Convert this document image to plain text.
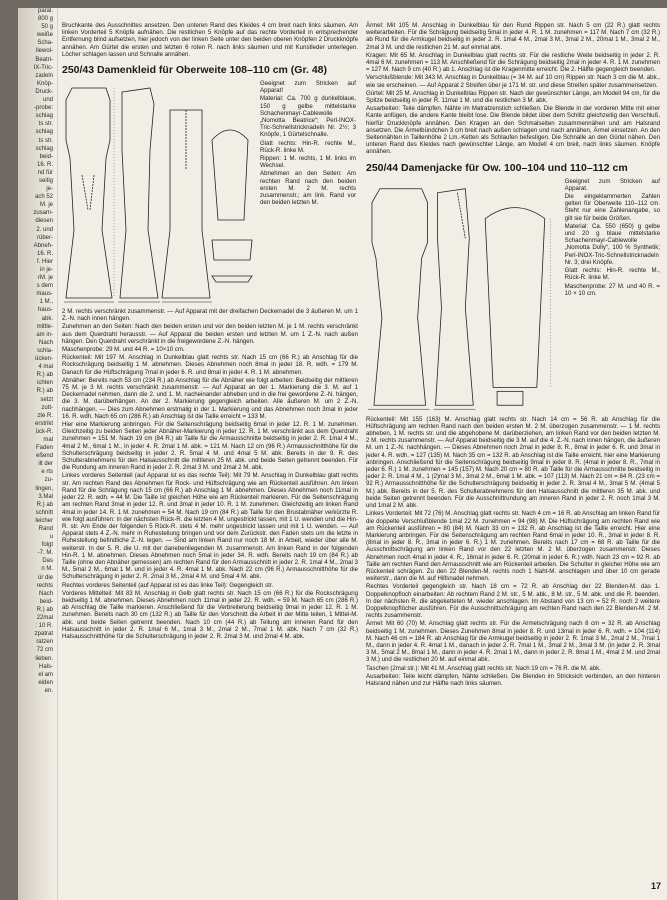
paral.

800 g

50 g

weiße

Scha-

llewol-

Beatri-

IX-Tric-

zadeln

Knöp-

Druck-

und

-probe:

schlag

ts str.

schlag

ts str.

schlag

beid-

16. R.

nd für

seitig

je-

ach 52

M. je

zusam-

diesen

2. und

rüber-

Abneh-

16. R.

f. Hier

in je-

rM. je

s dem

maus-

1 M.,

haus-

abk.

mittle-

am in-

Nach

schla-

ücken-

4 mal

R.) ab

ichten

R.) ab

setzt

zutt-

zte R.

erstrikt

ück-R.

mal

Faden

eßend

ilt der

e rts

zu-

lingen,

3.Mal

R.) ab

schnitt

leicher

Rand

u

folgt

-7. M.

Das

n M.

ür die

rechts

Nach

beid-

R.) ab

22mal

: 10 R.

zpatrat

ratzen

72 cm

lieben.

Hals-

el am

eiden

en.

Bruchkante des Ausschnittes ansetzen. Den unteren Rand des Kleides 4 cm breit nach links säumen. Am linken Vorderteil 5 Knöpfe aufnähen. Die restlichen 5 Knöpfe auf das rechte Vorderteil in entsprechender Entfernung blind aufsetzen, hier jedoch von der linken Seite unter den beiden oberen Knöpfen 2 Druckknöpfe annähen. Am Gürtel die ersten und letzten 6 roten R. nach links säumen und mit Kunstleder unterlegen. Löcher schlagen lassen und Schnalle annähen.

250/43 Damenkleid für Oberweite 108–110 cm (Gr. 48)

Geeignet zum Stricken auf Apparat!

Material: Ca. 700 g dunkelblaue, 150 g gelbe mittelstarke Schachenmayr-Cablewolle „Nomotta Beatrice“; Perl-INOX-Tric-Schnellstricknadeln Nr. 2½; 3 Knöpfe, 1 Gürtelschnalle.

Glatt rechts: Hin-R. rechte M., Rück-R. linke M.

Rippen: 1 M. rechts, 1 M. links im Wechsel.

Abnehmen an den Seiten: Am rechten Rand nach den beiden ersten M. 2 M. rechts zusammenstr.; am link. Rand vor den beiden letzten M.

2 M. rechts verschränkt zusammenstr. — Auf Apparat mit der dreifachen Deckernadel die 3 äußeren M. um 1 Z.-N. nach innen hängen.

Zunehmen an den Seiten: Nach den beiden ersten und vor den beiden letzten M. je 1 M. rechts verschränkt aus dem Querdraht herausstr. — Auf Apparat die beiden ersten und letzten M. um 1 Z.-N. nach außen hängen. Den Querdraht verschränkt in die freigewordene Z.-N. hängen.

Maschenprobe: 29 M. und 44 R. = 10×10 cm.

Rückenteil: Mit 197 M. Anschlag in Dunkelblau glatt rechts str. Nach 15 cm (66 R.) ab Anschlag für die Rockschrägung beidseitig 1 M. abnehmen. Dieses Abnehmen noch 8mal in jeder 18. R. wdh. = 179 M. Danach für die Hüftschrägung 7mal in jeder 6. R. und 8mal in jeder 4. R. 1 M. abnehmen.

Abnäher: Bereits nach 53 cm (234 R.) ab Anschlag für die Abnäher wie folgt arbeiten: Beidseitig der mittleren 75 M. je 3 M. rechts verschränkt zusammenstr. — Auf Apparat an der 1. Markierung die 3. M. auf 1 Deckernadel nehmen, dann die 2. und 1. M. nacheinander abheben und in die frei gewordene Z.-N. hängen, die 3. M. darüberhängen. An der 2. Markierung gegengleich arbeiten. Alle äußeren M. um 2 Z.-N. nachhängen. — Dies zum Abnehmen erstmalig in der 1. Markierung und das Abnehmen noch 3mal in jeder 16. R. wdh. Nach 65 cm (286 R.) ab Anschlag ist die Taille erreicht = 133 M.

Hier eine Markierung anbringen. Für die Seitenschrägung beidseitig 6mal in jeder 12. R. 1 M. zunehmen. Gleichzeitig zu beiden Seiten jeder Abnäher-Markierung in jeder 12. R. 1 M. verschränkt aus dem Querdraht zunehmen = 151 M. Nach 19 cm (84 R.) ab Taille für die Armausschnitte beidseitig in jeder 2. R. 1mal 4 M., 4mal 2 M., 6mal 1 M., in jeder 4. R. 2mal 1 M. abk. = 121 M. Nach 12 cm (96 R.) Armausschnitthöhe für die Schulterschrägung beidseitig in jeder 2. R. 5mal 4 M. und 4mal 5 M. abk. Bereits in der 9. R. des Schulterabnehmens für den Halsausschnitt die mittleren 25 M. abk. und beide Seiten getrennt beenden. Für die Rundung am inneren Rand in jeder 2. R. 2mal 3 M. und 2mal 2 M. abk.

Linkes vorderes Seitenteil (auf Apparat ist es das rechte Teil): Mit 79 M. Anschlag in Dunkelblau glatt rechts str. Am rechten Rand des Abnehmen für Rock- und Hüftschrägung wie am Rückenteil ausführen. Am linken Rand für die Schrägung nach 15 cm (66 R.) ab Anschlag 1 M. abnehmen. Dieses Abnehmen noch 11mal in jeder 22. R. wdh. = 44 M. Die Taille ist gleichen Höhe wie am Rückenteil markieren. Für die Seitenschrägung am rechten Rand 3mal in jeder 12. R. und 3mal in jeder 10. R. 1 M. zunehmen. Gleichzeitig am linken Rand 4mal in jeder 14. R. 1 M. zunehmen = 54 M. Nach 19 cm (84 R.) ab Taille für den Brustabnäher verkürzte R. wie folgt ausführen: In der nächsten Rück-R. die letzten 4 M. ungestrickt lassen, mit 1 U. wenden und die Hin-R. str. Am Ende der folgenden 5 Rück-R. stets 4 M. mehr ungestrickt lassen und mit 1 U. wenden. — Auf Apparat stets 4 Z.-N. mehr in Ruhestellung bringen und vor dem Zurückstr. den Faden stets um die letzte in Ruhestellung befindliche Z.-N. legen. — Sind am linken Rand nur noch 18 M. in Arbeit, wieder über alle M. weiterstr. In der 5. R. die U. mit der danebenliegenden M. zusammenstr. Am linken Rand in der folgenden Hin-R. 1 M. abnehmen. Dieses Abnehmen noch 5mal in jeder 34. R. wdh. Bereits nach 19 cm (84 R.) ab Taille (ohne den Abnäher gemessen) am rechten Rand für den Armausschnitt in jeder 2. R. 1mal 4 M., 2mal 3 M., 5mal 2 M., 6mal 1 M. und in jeder 4. R. 4mal 1 M. abk. Nach 22 cm (96 R.) Armausschnitthöhe für die Schulterschrägung in jeder 2. R. 2mal 3 M., 2mal 4 M. und 5mal 4 M. abk.

Rechtes vorderes Seitenteil (auf Apparat ist es das linke Teil): Gegengleich str.

Vorderes Mittelteil: Mit 83 M. Anschlag in Gelb glatt rechts str. Nach 15 cm (66 R.) für die Rockschrägung beidseitig 1 M. abnehmen. Dieses Abnehmen noch 11mal in jeder 22. R. wdh. = 59 M. Nach 65 cm (286 R.) ab Anschlag die Taille markieren. Anschließend für die Verbreiterung beidseitig 9mal in jeder 12. R. 1 M. zunehmen. Bereits nach 30 cm (132 R.) ab Taille für den Vorschnitt die Arbeit in der Mitte teilen, 1 Mittel-M. abk. und beide Seiten getrennt beenden. Nach 10 cm (44 R.) ab Teilung am inneren Rand für den Halsausschnitt in jeder 2. R. 1mal 6 M., 1mal 3 M., 2mal 2 M., 7mal 1 M. abk. Nach 7 cm (32 R.) Halsausschnitthöhe für die Schulterschrägung in jeder 2. R. 2mal 3 M. und 2mal 4 M. abk.

Ärmel: Mit 105 M. Anschlag in Dunkelblau für den Rund Rippen str. Nach 5 cm (22 R.) glatt rechts weiterarbeiten. Für die Schrägung beidseitig 5mal in jeder 4. R. 1 M. zunehmen = 117 M. Nach 7 cm (32 R.) ab Rund für die Armkugel beidseitig in jeder 2. R. 1mal 4 M., 2mal 3 M., 3mal 2 M., 20mal 1 M., 3mal 2 M., 2mal 3 M. und die restlichen 21 M. auf einmal abk.

Kragen: Mit 65 M. Anschlag in Dunkelblau glatt rechts str. Für die restliche Weite beidseitig in jeder 2. R. 4mal 6 M. zunehmen = 113 M. Anschließend für die Schrägung beidseitig 2mal in jeder 4. R. 1 M. zunehmen = 127 M. Nach 9 cm (40 R.) ab 1. Anschlag ist die Kragenmitte erreicht. Die 2. Hälfte gegengleich beenden.

Verschlußblende: Mit 343 M. Anschlag in Dunkelblau (= 34 M. auf 10 cm) Rippen str. Nach 3 cm die M. abk., wie sie erscheinen. — Auf Apparat 2 Streifen über je 171 M. str. und diese Streifen später zusammensetzen.

Gürtel: Mit 25 M. Anschlag in Dunkelblau Rippen str. Nach der gewünschter Länge, am Modell 94 cm, für die Spitze beidseitig in jeder R. 11mal 1 M. und die restlichen 3 M. abk.

Ausarbeiten: Teile dämpfen. Nähte im Matratzenstich schließen. Die Blende in der vorderen Mitte mit einer Kante anfügen, die andere Kante bleibt lose. Die Blende bildet über dem Schlitz gleichzeitig den Verschluß, hierfür Druckknöpfe annähen. Den Kragen an den Schmalseiten zusammennähen und am Halsrand ansetzen. Die Ärmelbündchen 3 cm breit nach außen schlagen und nach annähen, Ärmel einsetzen. An den Seitennähten in Taillenhöhe 2 Lm.-Ketten als Schlaufen befestigen. Die Schnalle an den Gürtel nähen. Den unteren Rand des Kleides nach gewünschter Länge, am Modell 4 cm breit, nach links säumen. Knöpfe annähen.

250/44 Damenjacke für Ow. 100–104 und 110–112 cm

Geeignet zum Stricken auf Apparat.

Die eingeklammerten Zahlen gelten für Oberweite 110–112 cm. Steht nur eine Zahlenangabe, so gilt sie für beide Größen.

Material: Ca. 550 (650) g gelbe und 20 g blaue mittelstarke Schachenmayr-Cablewolle „Nomotta Dolly“, 100 % Synthetik; Perl-INOX-Tric-Schnellstricknadeln Nr. 3; drei Knöpfe.

Glatt rechts: Hin-R. rechte M., Rück-R. linke M.

Maschenprobe: 27 M. und 40 R. = 10 × 10 cm.

Rückenteil: Mit 155 (163) M. Anschlag glatt rechts str. Nach 14 cm = 56 R. ab Anschlag für die Hüftschrägung am rechten Rand nach den beiden ersten M. 2 M. überzogen zusammenstr. — 1 M. rechts abheben, 1 M. rechts str. und die abgehobene M. darüberziehen, am linken Rand vor den beiden letzten M. 2 M. rechts zusammenstr. — Auf Apparat beidseitig die 3 M. auf die 4. Z.-N. nach innen hängen, die äußeren M. um 1 Z.-N. nachhängen. — Dieses Abnehmen noch 2mal in jeder 8. R., 8mal in jeder 6. R. und 3mal in jeder 4. R. wdh. = 127 (135) M. Nach 35 cm = 132 R. ab Anschlag ist die Taille erreicht, hier eine Markierung anbringen. Anschließend für die Seitenschrägung beidseitig 9mal in jeder 8. R. (4mal in jeder 8. R., 7mal in jeder 6. R.) 1 M. zunehmen = 145 (157) M. Nach 20 cm = 80 R. ab Taille für die Armausschnitte beidseitig in jeder 2. R. 1mal 4 M., 1 (2)mal 3 M., 3mal 2 M., 6mal 1 M. abk. = 107 (113) M. Nach 21 cm = 84 R. (23 cm = 92 R.) Armausschnitthöhe für die Schulterschrägung beidseitig in jeder 2. R. 3mal 4 M., 3mal 5 M. (4mal 5 M.) abk. Bereits in der 5. R. des Schulterabnehmens für den Halsausschnitt die mittleren 35 M. abk. und beide Seiten getrennt beenden. Für die Ausschnittrundung am inneren Rand in jeder 2. R. noch 1mal 3 M. und 1mal 2 M. abk.

Linkes Vorderteil: Mit 72 (76) M. Anschlag glatt rechts str. Nach 4 cm = 16 R. ab Anschlag am linken Rand für die doppelte Verschlußblende 1mal 22 M. zunehmen = 94 (98) M. Die Hüftschrägung am rechten Rand wie am Rückenteil ausführen = 80 (84) M. Nach 33 cm = 132 R. ab Anschlag ist die Taille erreicht. Hier eine Markierung anbringen. Für die Seitenschrägung am rechten Rand 6mal in jeder 10. R., 3mal in jeder 8. R. (8mal in jeder 8. R., 3mal in jeder 6. R.) 1 M. zunehmen. Bereits nach 17 cm = 68 R. ab Taille für die Ausschnittschrägung am linken Rand vor den 22 letzten M. 2 M. überzogen zusammenstr. Dieses Abnehmen noch 4mal in jeder 4. R., 16mal in jeder 6. R. (20mal in jeder 6. R.) wdh. Nach 23 cm = 92 R. ab Taille am rechten Rand den Armausschnitt wie am Rückenteil arbeiten. Die Schulter in gleicher Höhe wie am Rückenteil schrägen. Zu den 22 Blenden-M. rechts noch 1 Naht-M. anschlagen und über 10 cm gerade weiterstr., dann die M. auf Hilfsnadel nehmen.

Rechtes Vorderteil gegengleich str. Nach 18 cm = 72 R. ab Anschlag der 22 Blenden-M. das 1. Doppelknopfloch einarbeiten: Ab rechtem Rand 2 M. str., 5 M. abk., 8 M. str., 5 M. abk. und die R. beenden. In der nächsten R. die abgeketteten M. wieder anschlagen. Im Abstand von 13 cm = 52 R. noch 2 weitere Doppelknopflöcher ausführen. Für die Ausschnittschrägung am rechten Rand nach den 22 Blenden-M. 2 M. rechts zusammenstr.

Ärmel: Mit 60 (70) M. Anschlag glatt rechts str. Für die Armelschrägung nach 8 cm = 32 R. ab Anschlag beidseitig 1 M. zunehmen. Dieses Zunehmen 8mal in jeder 8. R. und 13mal in jeder 6. R. wdh. = 104 (114) M. Nach 46 cm = 184 R. ab Anschlag für die Armkugel beidseitig in jeder 2. R. 1mal 3 M., 2mal 2 M., 7mal 1 M., dann in jeder 4. R. 4mal 1 M., danach in jeder 2. R. 7mal 1 M., 3mal 2 M., 3mal 3 M. (in jeder 2. R. 3mal 3 M., 5mal 2 M., 8mal 1 M., dann in jeder 4. R. 2mal 1 M., dann in jeder 2. R. 8mal 1 M., 4mal 2 M. und 2mal 3 M.) und die restlichen 20 M. auf einmal abk.

Taschen (2mal str.): Mit 41 M. Anschlag glatt rechts str. Nach 19 cm = 76 R. die M. abk.

Ausarbeiten: Teile leicht dämpfen, Nähte schließen. Die Blenden im Stricksich verbinden, an den hinteren Halsrand nähen und zur Hälfte nach links säumen.

17
